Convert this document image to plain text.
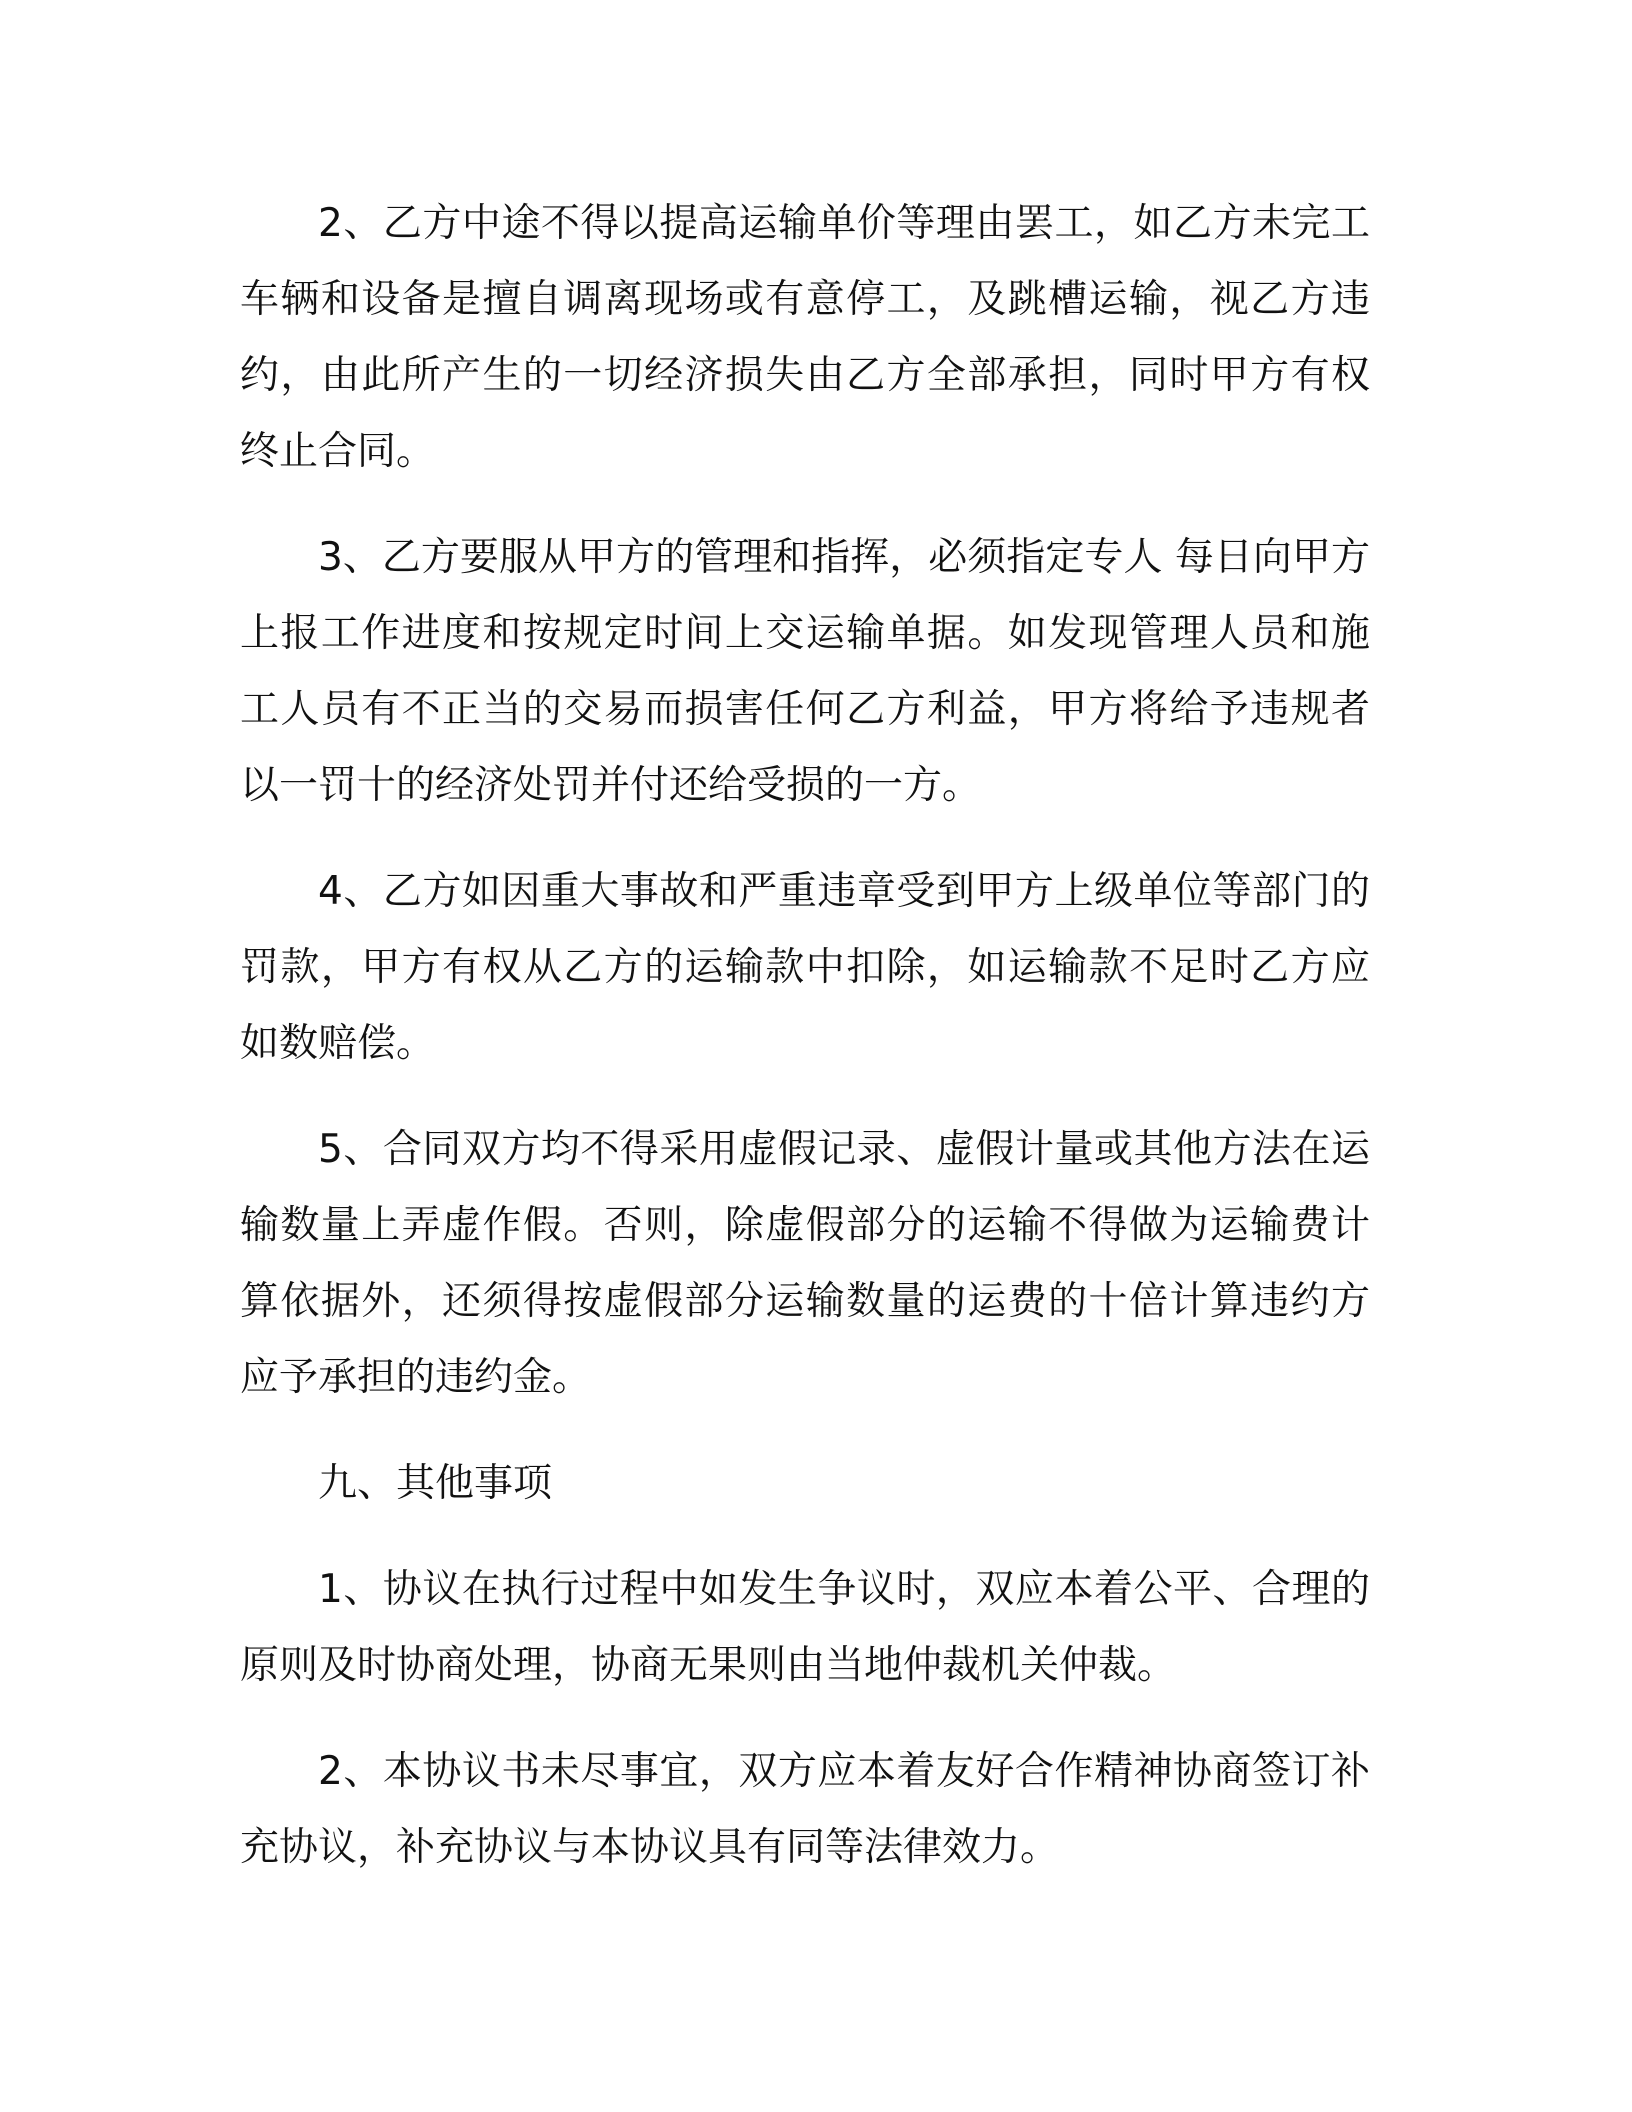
2、乙方中途不得以提高运输单价等理由罢工，如乙方未完工车辆和设备是擅自调离现场或有意停工，及跳槽运输，视乙方违约，由此所产生的一切经济损失由乙方全部承担，同时甲方有权终止合同。

3、乙方要服从甲方的管理和指挥，必须指定专人 每日向甲方上报工作进度和按规定时间上交运输单据。如发现管理人员和施工人员有不正当的交易而损害任何乙方利益，甲方将给予违规者以一罚十的经济处罚并付还给受损的一方。

4、乙方如因重大事故和严重违章受到甲方上级单位等部门的罚款，甲方有权从乙方的运输款中扣除，如运输款不足时乙方应如数赔偿。

5、合同双方均不得采用虚假记录、虚假计量或其他方法在运输数量上弄虚作假。否则，除虚假部分的运输不得做为运输费计算依据外，还须得按虚假部分运输数量的运费的十倍计算违约方应予承担的违约金。

九、其他事项

1、协议在执行过程中如发生争议时，双应本着公平、合理的原则及时协商处理，协商无果则由当地仲裁机关仲裁。

2、本协议书未尽事宜，双方应本着友好合作精神协商签订补充协议，补充协议与本协议具有同等法律效力。
